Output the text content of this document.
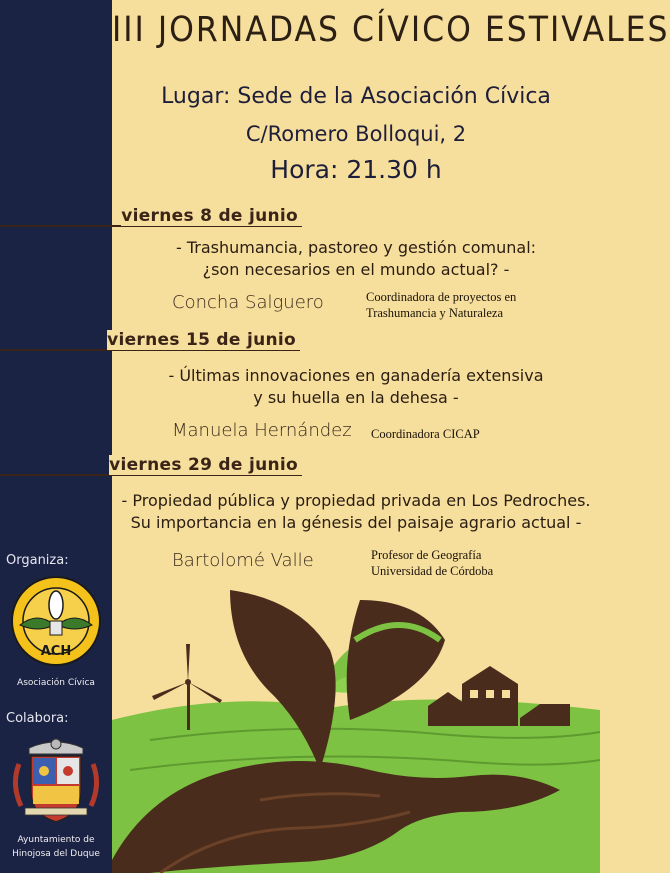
Organiza:
ACH
Asociación Cívica
Colabora:
Ayuntamiento de
Hinojosa del Duque
III JORNADAS CÍVICO ESTIVALES
Lugar: Sede de la Asociación Cívica
C/Romero Bolloqui, 2
Hora: 21.30 h
viernes 8 de junio
- Trashumancia, pastoreo y gestión comunal:
¿son necesarios en el mundo actual? -
Concha Salguero	Coordinadora de proyectos en
Trashumancia y Naturaleza
viernes 15 de junio
- Últimas innovaciones en ganadería extensiva
y su huella en la dehesa -
Manuela Hernández Coordinadora CICAP
viernes 29 de junio
- Propiedad pública y propiedad privada en Los Pedroches.
Su importancia en la génesis del paisaje agrario actual -
Bartolomé Valle	Profesor de Geografía
Universidad de Córdoba
